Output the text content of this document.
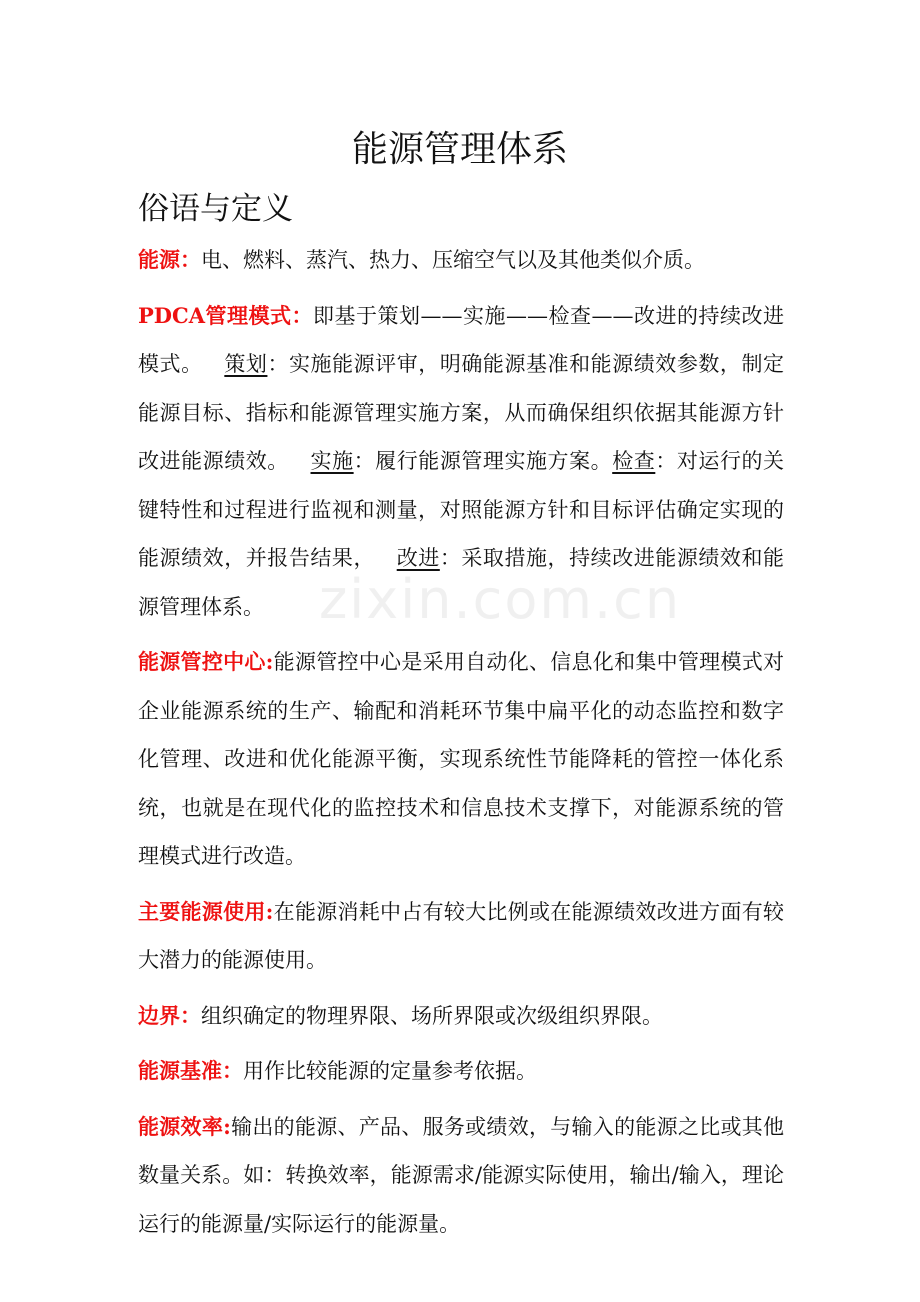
zixin.com.cn
能源管理体系
俗语与定义

能源：电、燃料、蒸汽、热力、压缩空气以及其他类似介质。

PDCA管理模式：即基于策划——实施——检查——改进的持续改进模式。 策划：实施能源评审，明确能源基准和能源绩效参数，制定能源目标、指标和能源管理实施方案，从而确保组织依据其能源方针改进能源绩效。 实施：履行能源管理实施方案。检查：对运行的关键特性和过程进行监视和测量，对照能源方针和目标评估确定实现的能源绩效，并报告结果， 改进：采取措施，持续改进能源绩效和能源管理体系。

能源管控中心:能源管控中心是采用自动化、信息化和集中管理模式对企业能源系统的生产、输配和消耗环节集中扁平化的动态监控和数字化管理、改进和优化能源平衡，实现系统性节能降耗的管控一体化系统，也就是在现代化的监控技术和信息技术支撑下，对能源系统的管理模式进行改造。

主要能源使用:在能源消耗中占有较大比例或在能源绩效改进方面有较大潜力的能源使用。

边界：组织确定的物理界限、场所界限或次级组织界限。

能源基准：用作比较能源的定量参考依据。

能源效率:输出的能源、产品、服务或绩效，与输入的能源之比或其他数量关系。如：转换效率，能源需求/能源实际使用，输出/输入，理论运行的能源量/实际运行的能源量。
